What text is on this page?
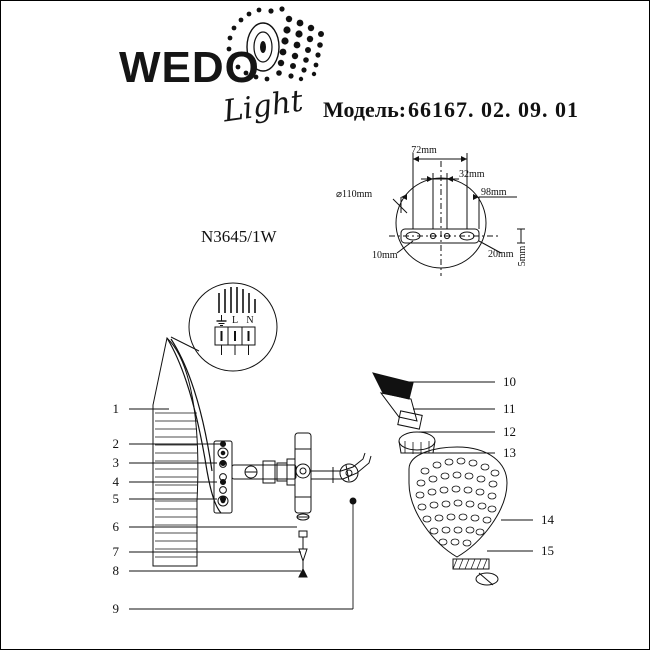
WEDO
Light Модель: 66167. 02. 09. 01
N3645/1W
72mm
32mm
98mm
20mm
10mm	5mm
⌀110mm
L N
1
2
3
4
5
6
7
8
9
10
11
12
13
14
15
